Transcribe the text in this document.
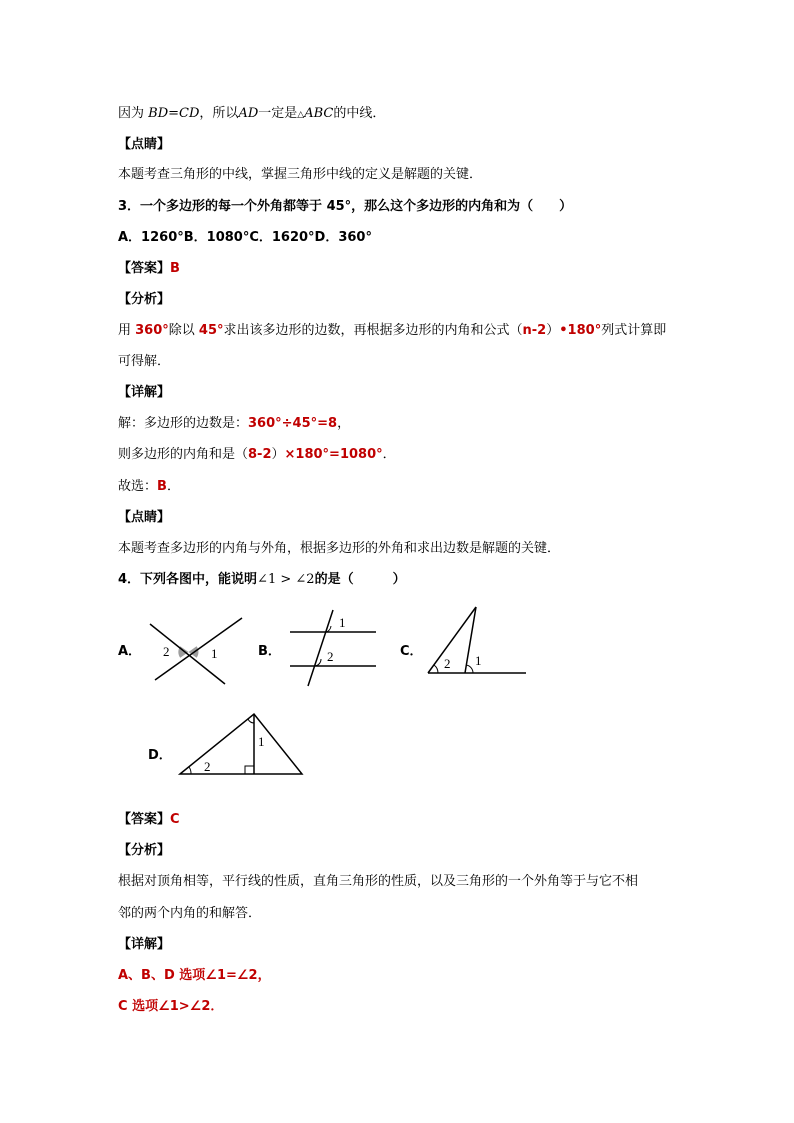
因为 BD=CD，所以AD一定是△ABC的中线．
【点睛】
本题考查三角形的中线，掌握三角形中线的定义是解题的关键．
3．一个多边形的每一个外角都等于 45°，那么这个多边形的内角和为（　　）
A．1260°B．1080°C．1620°D．360°
【答案】B
【分析】
用 360°除以 45°求出该多边形的边数，再根据多边形的内角和公式（n-2）•180°列式计算即
可得解．
【详解】
解：多边形的边数是：360°÷45°=8，
则多边形的内角和是（8-2）×180°=1080°．
故选：B．
【点睛】
本题考查多边形的内角与外角，根据多边形的外角和求出边数是解题的关键．
4．下列各图中，能说明∠1 > ∠2的是（　　　）
A．	B．	C．
D．
2	1
1
2	2 1
2
1
【答案】C
【分析】
根据对顶角相等，平行线的性质，直角三角形的性质，以及三角形的一个外角等于与它不相
邻的两个内角的和解答．
【详解】
A、B、D 选项∠1=∠2，
C 选项∠1>∠2．
